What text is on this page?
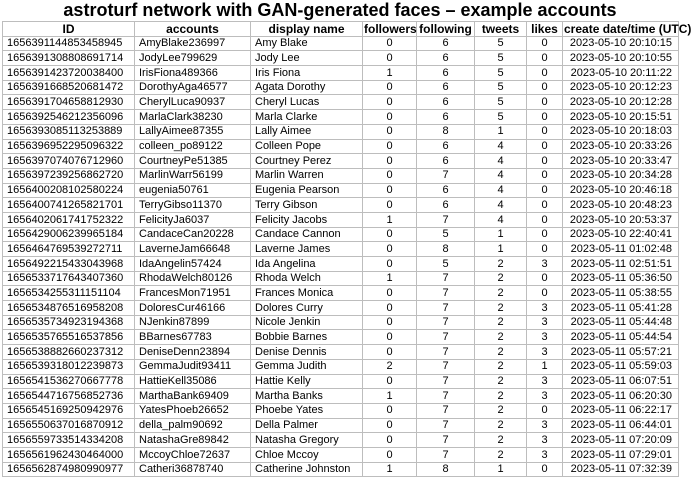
astroturf network with GAN-generated faces – example accounts
ID	accounts	display name	followers	following	tweets	likes	create date/time (UTC)
1656391144853458945	AmyBlake236997	Amy Blake	0	6	5	0	2023-05-10 20:10:15
1656391308808691714	JodyLee799629	Jody Lee	0	6	5	0	2023-05-10 20:10:55
1656391423720038400	IrisFiona489366	Iris Fiona	1	6	5	0	2023-05-10 20:11:22
1656391668520681472	DorothyAga46577	Agata Dorothy	0	6	5	0	2023-05-10 20:12:23
1656391704658812930	CherylLuca90937	Cheryl Lucas	0	6	5	0	2023-05-10 20:12:28
1656392546212356096	MarlaClark38230	Marla Clarke	0	6	5	0	2023-05-10 20:15:51
1656393085113253889	LallyAimee87355	Lally Aimee	0	8	1	0	2023-05-10 20:18:03
1656396952295096322	colleen_po89122	Colleen Pope	0	6	4	0	2023-05-10 20:33:26
1656397074076712960	CourtneyPe51385	Courtney Perez	0	6	4	0	2023-05-10 20:33:47
1656397239256862720	MarlinWarr56199	Marlin Warren	0	7	4	0	2023-05-10 20:34:28
1656400208102580224	eugenia50761	Eugenia Pearson	0	6	4	0	2023-05-10 20:46:18
1656400741265821701	TerryGibso11370	Terry Gibson	0	6	4	0	2023-05-10 20:48:23
1656402061741752322	FelicityJa6037	Felicity Jacobs	1	7	4	0	2023-05-10 20:53:37
1656429006239965184	CandaceCan20228	Candace Cannon	0	5	1	0	2023-05-10 22:40:41
1656464769539272711	LaverneJam66648	Laverne James	0	8	1	0	2023-05-11 01:02:48
1656492215433043968	IdaAngelin57424	Ida Angelina	0	5	2	3	2023-05-11 02:51:51
1656533717643407360	RhodaWelch80126	Rhoda Welch	1	7	2	0	2023-05-11 05:36:50
1656534255311151104	FrancesMon71951	Frances Monica	0	7	2	0	2023-05-11 05:38:55
1656534876516958208	DoloresCur46166	Dolores Curry	0	7	2	3	2023-05-11 05:41:28
1656535734923194368	NJenkin87899	Nicole Jenkin	0	7	2	3	2023-05-11 05:44:48
1656535765516537856	BBarnes67783	Bobbie Barnes	0	7	2	3	2023-05-11 05:44:54
1656538882660237312	DeniseDenn23894	Denise Dennis	0	7	2	3	2023-05-11 05:57:21
1656539318012239873	GemmaJudit93411	Gemma Judith	2	7	2	1	2023-05-11 05:59:03
1656541536270667778	HattieKell35086	Hattie Kelly	0	7	2	3	2023-05-11 06:07:51
1656544716756852736	MarthaBank69409	Martha Banks	1	7	2	3	2023-05-11 06:20:30
1656545169250942976	YatesPhoeb26652	Phoebe Yates	0	7	2	0	2023-05-11 06:22:17
1656550637016870912	della_palm90692	Della Palmer	0	7	2	3	2023-05-11 06:44:01
1656559733514334208	NatashaGre89842	Natasha Gregory	0	7	2	3	2023-05-11 07:20:09
1656561962430464000	MccoyChloe72637	Chloe Mccoy	0	7	2	3	2023-05-11 07:29:01
1656562874980990977	Catheri36878740	Catherine Johnston	1	8	1	0	2023-05-11 07:32:39
